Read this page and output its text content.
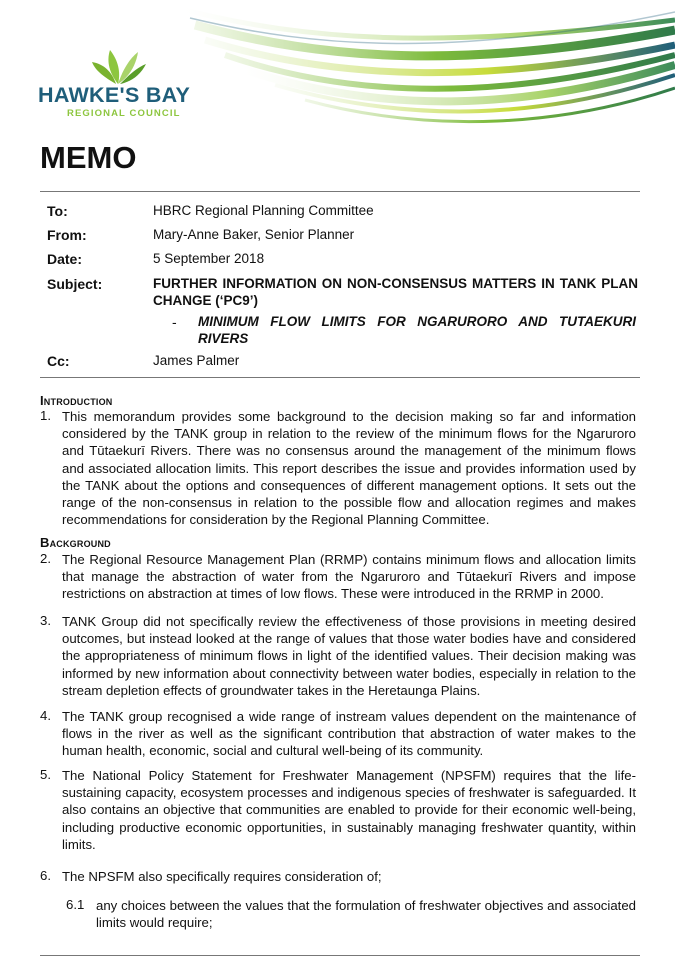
HAWKE'S BAY
REGIONAL COUNCIL
MEMO
To:	HBRC Regional Planning Committee
From:	Mary-Anne Baker, Senior Planner
Date:	5 September 2018
Subject:	FURTHER INFORMATION ON NON-CONSENSUS MATTERS IN TANK PLAN CHANGE (‘PC9’)
- MINIMUM FLOW LIMITS FOR NGARURORO AND TUTAEKURI RIVERS
Cc:	James Palmer
Introduction
1. This memorandum provides some background to the decision making so far and information considered by the TANK group in relation to the review of the minimum flows for the Ngaruroro and Tūtaekurī Rivers. There was no consensus around the management of the minimum flows and associated allocation limits. This report describes the issue and provides information used by the TANK about the options and consequences of different management options. It sets out the range of the non-consensus in relation to the possible flow and allocation regimes and makes recommendations for consideration by the Regional Planning Committee.
Background
2. The Regional Resource Management Plan (RRMP) contains minimum flows and allocation limits that manage the abstraction of water from the Ngaruroro and Tūtaekurī Rivers and impose restrictions on abstraction at times of low flows. These were introduced in the RRMP in 2000.
3. TANK Group did not specifically review the effectiveness of those provisions in meeting desired outcomes, but instead looked at the range of values that those water bodies have and considered the appropriateness of minimum flows in light of the identified values. Their decision making was informed by new information about connectivity between water bodies, especially in relation to the stream depletion effects of groundwater takes in the Heretaunga Plains.
4. The TANK group recognised a wide range of instream values dependent on the maintenance of flows in the river as well as the significant contribution that abstraction of water makes to the human health, economic, social and cultural well-being of its community.
5. The National Policy Statement for Freshwater Management (NPSFM) requires that the life-sustaining capacity, ecosystem processes and indigenous species of freshwater is safeguarded. It also contains an objective that communities are enabled to provide for their economic well-being, including productive economic opportunities, in sustainably managing freshwater quantity, within limits.
6. The NPSFM also specifically requires consideration of;
6.1 any choices between the values that the formulation of freshwater objectives and associated limits would require;
